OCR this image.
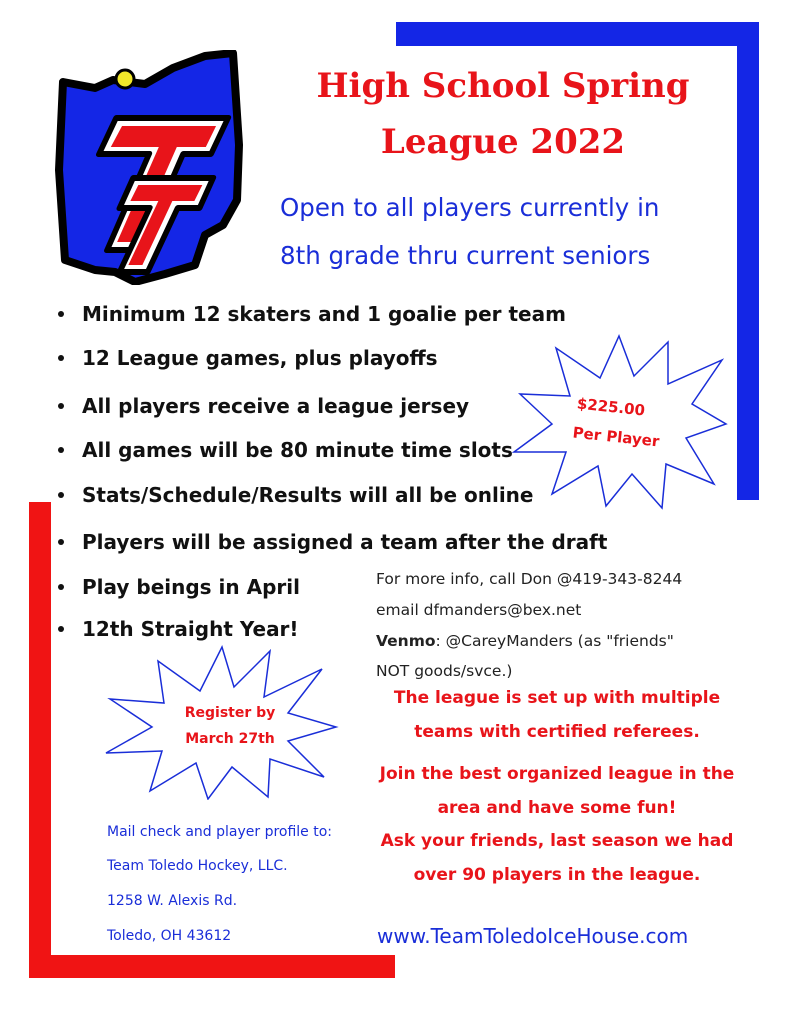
High School Spring
League 2022
Open to all players currently in
8th grade thru current seniors
Minimum 12 skaters and 1 goalie per team
12 League games, plus playoffs
All players receive a league jersey
All games will be 80 minute time slots
Stats/Schedule/Results will all be online
Players will be assigned a team after the draft
Play beings in April
12th Straight Year!
$225.00
Per Player
Register by
March 27th
For more info, call Don @419-343-8244
email dfmanders@bex.net
Venmo: @CareyManders (as "friends"
NOT goods/svce.)
The league is set up with multiple
teams with certified referees.
Join the best organized league in the
area and have some fun!
Ask your friends, last season we had
over 90 players in the league.
Mail check and player profile to:
Team Toledo Hockey, LLC.
1258 W. Alexis Rd.
Toledo, OH 43612	www.TeamToledoIceHouse.com
